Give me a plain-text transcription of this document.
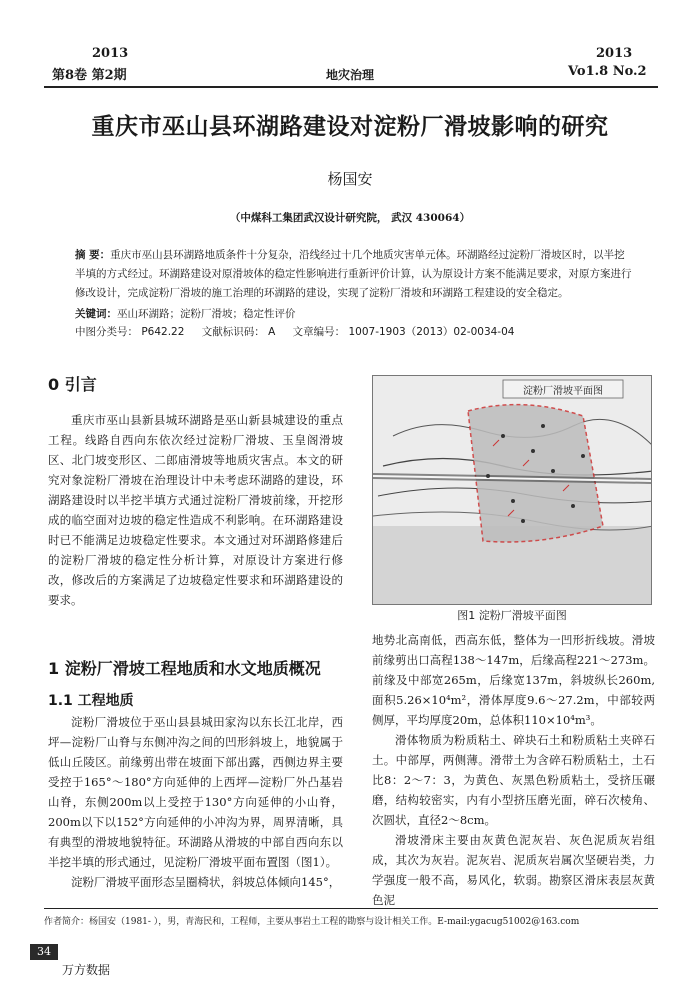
2013
第8卷 第2期	地灾治理
2013
Vo1.8 No.2
重庆市巫山县环湖路建设对淀粉厂滑坡影响的研究
杨国安
（中煤科工集团武汉设计研究院， 武汉 430064）
摘 要：重庆市巫山县环湖路地质条件十分复杂，沿线经过十几个地质灾害单元体。环湖路经过淀粉厂滑坡区时，以半挖半填的方式经过。环湖路建设对原滑坡体的稳定性影响进行重新评价计算，认为原设计方案不能满足要求，对原方案进行修改设计，完成淀粉厂滑坡的施工治理的环湖路的建设，实现了淀粉厂滑坡和环湖路工程建设的安全稳定。
关键词：巫山环湖路；淀粉厂滑坡；稳定性评价
中图分类号： P642.22 文献标识码： A 文章编号： 1007-1903（2013）02-0034-04
0 引言
重庆市巫山县新县城环湖路是巫山新县城建设的重点工程。线路自西向东依次经过淀粉厂滑坡、玉皇阁滑坡区、北门坡变形区、二郎庙滑坡等地质灾害点。本文的研究对象淀粉厂滑坡在治理设计中未考虑环湖路的建设，环湖路建设时以半挖半填方式通过淀粉厂滑坡前缘，开挖形成的临空面对边坡的稳定性造成不利影响。在环湖路建设时已不能满足边坡稳定性要求。本文通过对环湖路修建后的淀粉厂滑坡的稳定性分析计算，对原设计方案进行修改，修改后的方案满足了边坡稳定性要求和环湖路建设的要求。
1 淀粉厂滑坡工程地质和水文地质概况
1.1 工程地质
淀粉厂滑坡位于巫山县县城田家沟以东长江北岸，西坪—淀粉厂山脊与东侧冲沟之间的凹形斜坡上，地貌属于低山丘陵区。前缘剪出带在坡面下部出露，西侧边界主要受控于165°～180°方向延伸的上西坪—淀粉厂外凸基岩山脊，东侧200m以上受控于130°方向延伸的小山脊，200m以下以152°方向延伸的小冲沟为界，周界清晰，具有典型的滑坡地貌特征。环湖路从滑坡的中部自西向东以半挖半填的形式通过，见淀粉厂滑坡平面布置图（图1）。
淀粉厂滑坡平面形态呈圈椅状，斜坡总体倾向145°，
淀粉厂滑坡平面图
图1 淀粉厂滑坡平面图
地势北高南低，西高东低，整体为一凹形折线坡。滑坡前缘剪出口高程138～147m，后缘高程221～273m。前缘及中部宽265m，后缘宽137m，斜坡纵长260m,面积5.26×10⁴m²，滑体厚度9.6～27.2m，中部较两侧厚，平均厚度20m，总体积110×10⁴m³。
滑体物质为粉质粘土、碎块石土和粉质粘土夹碎石土。中部厚，两侧薄。滑带土为含碎石粉质粘土，土石比8：2～7：3，为黄色、灰黑色粉质粘土，受挤压碾磨，结构较密实，内有小型挤压磨光面，碎石次棱角、次圆状，直径2～8cm。
滑坡滑床主要由灰黄色泥灰岩、灰色泥质灰岩组成，其次为灰岩。泥灰岩、泥质灰岩属次坚硬岩类，力学强度一般不高，易风化，软弱。勘察区滑床表层灰黄色泥
作者简介：杨国安（1981- ），男，青海民和，工程师，主要从事岩土工程的勘察与设计相关工作。E-mail:ygacug51002@163.com
34
万方数据
